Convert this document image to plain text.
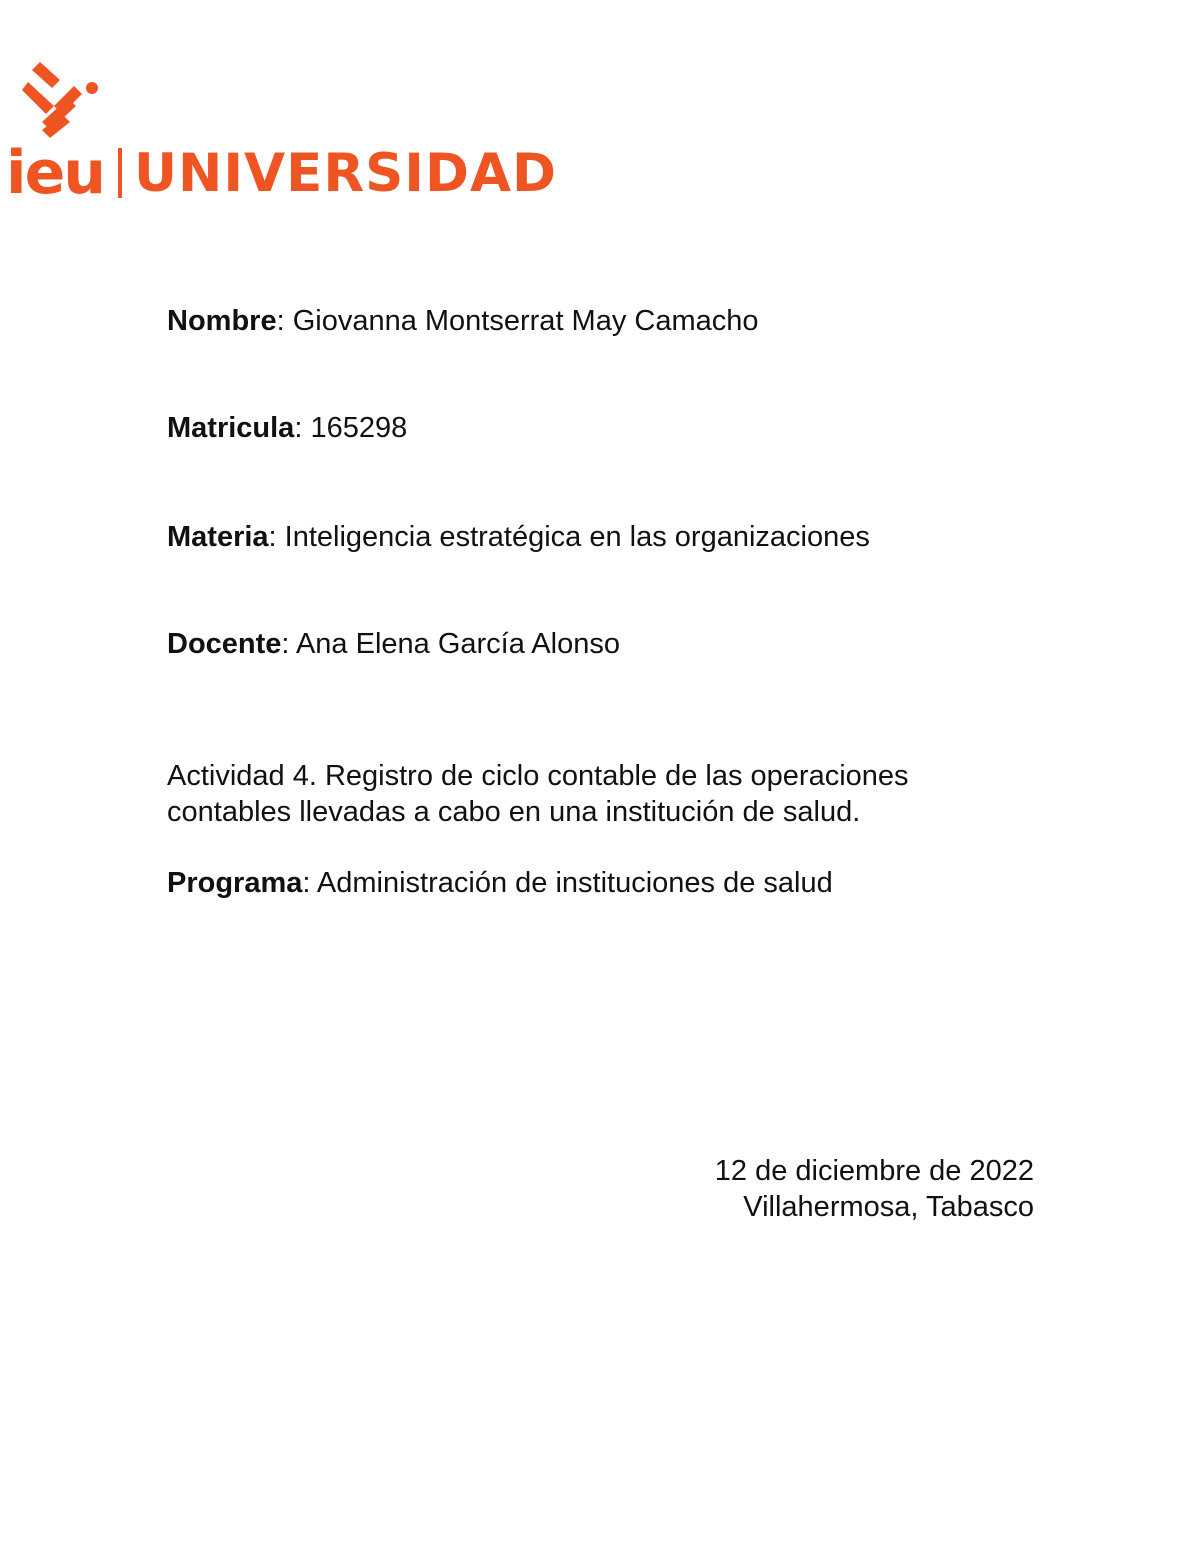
ieu UNIVERSIDAD
Nombre: Giovanna Montserrat May Camacho
Matricula: 165298
Materia: Inteligencia estratégica en las organizaciones
Docente: Ana Elena García Alonso
Actividad 4. Registro de ciclo contable de las operaciones
contables llevadas a cabo en una institución de salud.
Programa: Administración de instituciones de salud
12 de diciembre de 2022
Villahermosa, Tabasco
